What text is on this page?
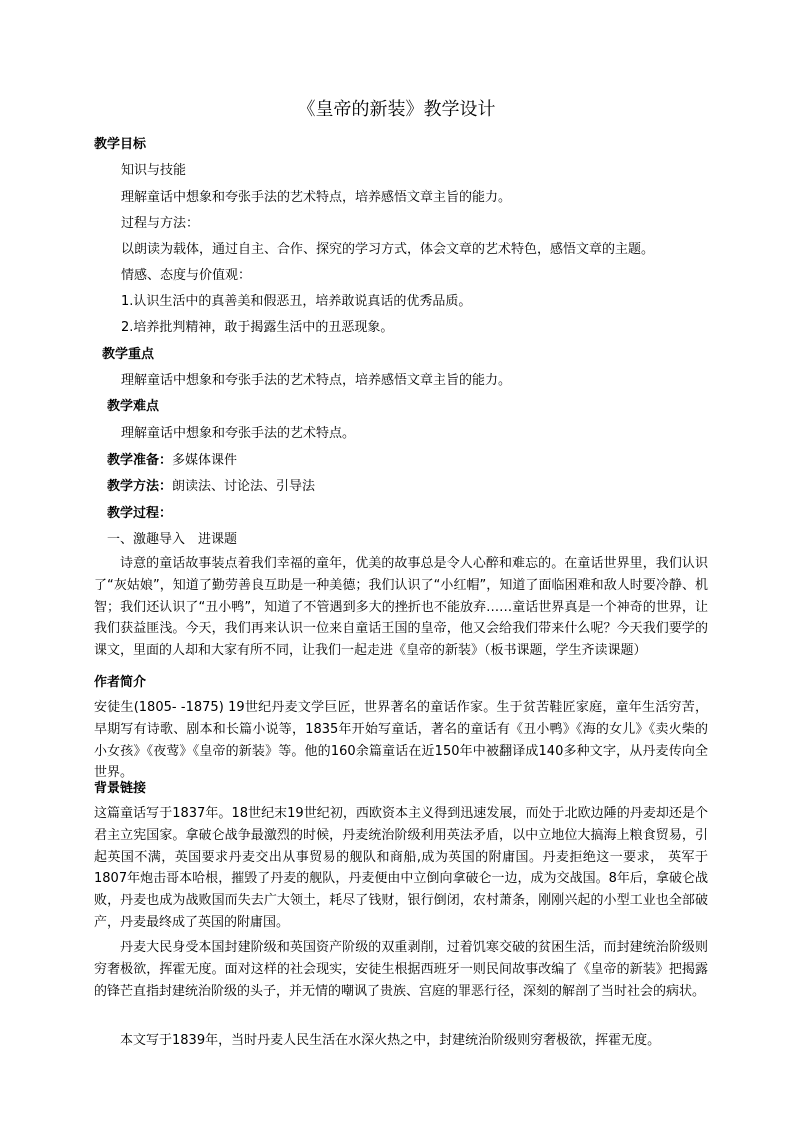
《皇帝的新装》教学设计
教学目标
知识与技能
理解童话中想象和夸张手法的艺术特点，培养感悟文章主旨的能力。
过程与方法：
以朗读为载体，通过自主、合作、探究的学习方式，体会文章的艺术特色，感悟文章的主题。
情感、态度与价值观：
1.认识生活中的真善美和假恶丑，培养敢说真话的优秀品质。
2.培养批判精神，敢于揭露生活中的丑恶现象。
教学重点
理解童话中想象和夸张手法的艺术特点，培养感悟文章主旨的能力。
教学难点
理解童话中想象和夸张手法的艺术特点。
教学准备：多媒体课件
教学方法：朗读法、讨论法、引导法
教学过程：
一、激趣导入　进课题
诗意的童话故事装点着我们幸福的童年，优美的故事总是令人心醉和难忘的。在童话世界里，我们认识了“灰姑娘”，知道了勤劳善良互助是一种美德；我们认识了“小红帽”，知道了面临困难和敌人时要冷静、机智；我们还认识了“丑小鸭”，知道了不管遇到多大的挫折也不能放弃……童话世界真是一个神奇的世界，让我们获益匪浅。今天，我们再来认识一位来自童话王国的皇帝，他又会给我们带来什么呢？今天我们要学的课文，里面的人却和大家有所不同，让我们一起走进《皇帝的新装》（板书课题，学生齐读课题）
作者简介
安徒生(1805- -1875) 19世纪丹麦文学巨匠，世界著名的童话作家。生于贫苦鞋匠家庭，童年生活穷苦，早期写有诗歌、剧本和长篇小说等，1835年开始写童话，著名的童话有《丑小鸭》《海的女儿》《卖火柴的小女孩》《夜莺》《皇帝的新装》等。他的160余篇童话在近150年中被翻译成140多种文字，从丹麦传向全世界。
背景链接
这篇童话写于1837年。18世纪末19世纪初，西欧资本主义得到迅速发展，而处于北欧边陲的丹麦却还是个君主立宪国家。拿破仑战争最激烈的时候，丹麦统治阶级利用英法矛盾，以中立地位大搞海上粮食贸易，引起英国不满，英国要求丹麦交出从事贸易的舰队和商船,成为英国的附庸国。丹麦拒绝这一要求， 英军于1807年炮击哥本哈根，摧毁了丹麦的舰队，丹麦便由中立倒向拿破仑一边，成为交战国。8年后，拿破仑战败，丹麦也成为战败国而失去广大领土，耗尽了钱财，银行倒闭，农村萧条，刚刚兴起的小型工业也全部破产，丹麦最终成了英国的附庸国。
丹麦大民身受本国封建阶级和英国资产阶级的双重剥削，过着饥寒交破的贫困生活，而封建统治阶级则穷奢极欲，挥霍无度。面对这样的社会现实，安徒生根据西班牙一则民间故事改编了《皇帝的新装》把揭露的锋芒直指封建统治阶级的头子，并无情的嘲讽了贵族、宫庭的罪恶行径，深刻的解剖了当时社会的病状。
本文写于1839年，当时丹麦人民生活在水深火热之中，封建统治阶级则穷奢极欲，挥霍无度。
